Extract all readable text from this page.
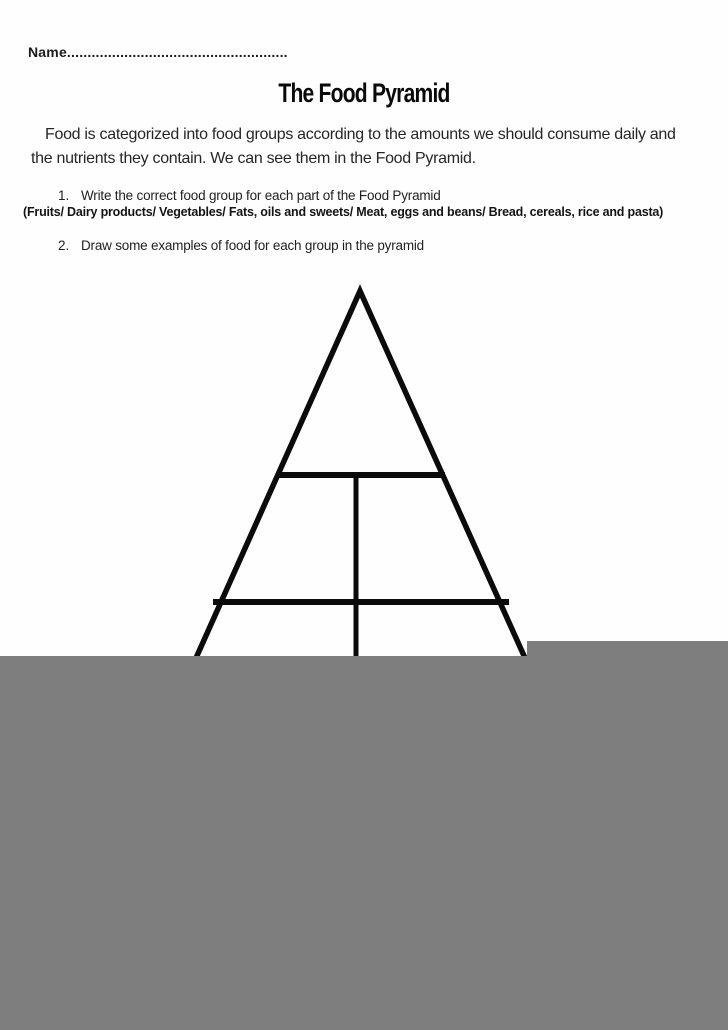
Name......................................................
The Food Pyramid
Food is categorized into food groups according to the amounts we should consume daily and
the nutrients they contain. We can see them in the Food Pyramid.
1. Write the correct food group for each part of the Food Pyramid
(Fruits/ Dairy products/ Vegetables/ Fats, oils and sweets/ Meat, eggs and beans/ Bread, cereals, rice and pasta)
2. Draw some examples of food for each group in the pyramid
